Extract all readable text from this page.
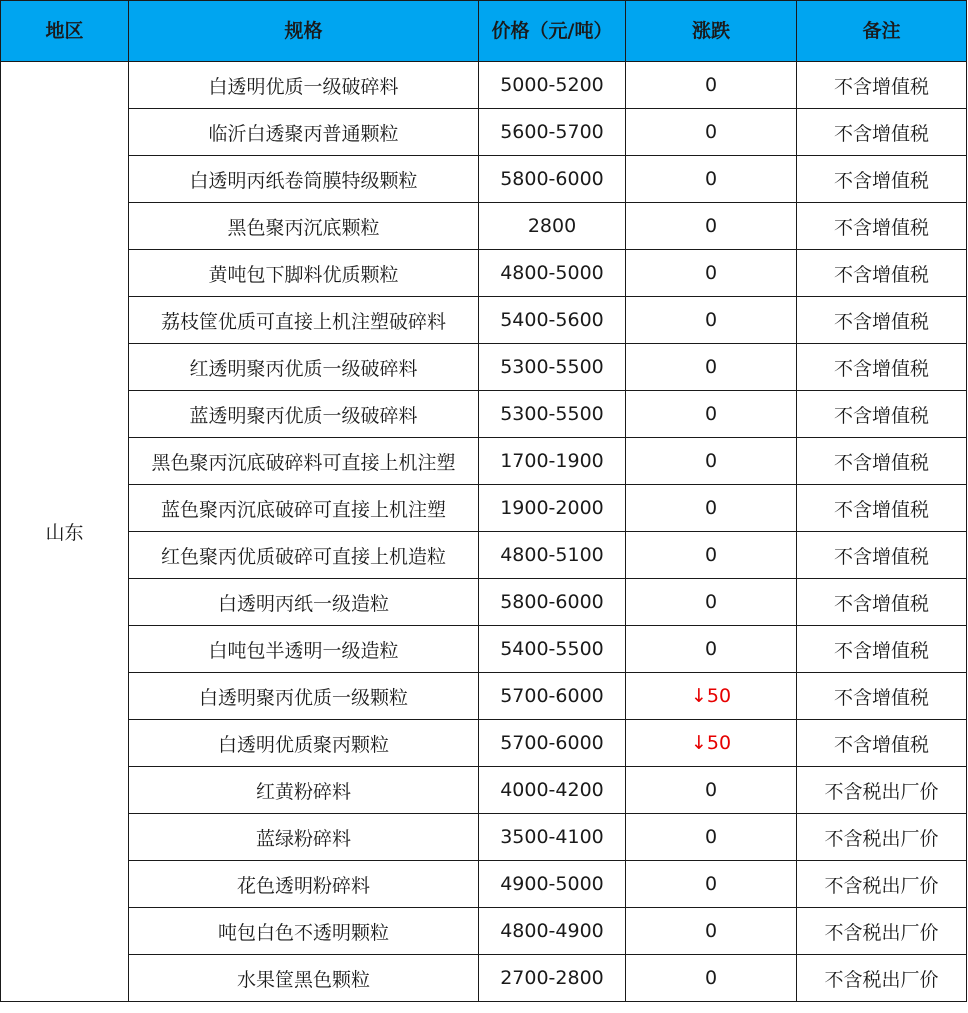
地区	规格	价格（元/吨）	涨跌	备注
山东	白透明优质一级破碎料	5000-5200	0	不含增值税
	临沂白透聚丙普通颗粒	5600-5700	0	不含增值税
	白透明丙纸卷筒膜特级颗粒	5800-6000	0	不含增值税
	黑色聚丙沉底颗粒	2800	0	不含增值税
	黄吨包下脚料优质颗粒	4800-5000	0	不含增值税
	荔枝筐优质可直接上机注塑破碎料	5400-5600	0	不含增值税
	红透明聚丙优质一级破碎料	5300-5500	0	不含增值税
	蓝透明聚丙优质一级破碎料	5300-5500	0	不含增值税
	黑色聚丙沉底破碎料可直接上机注塑	1700-1900	0	不含增值税
	蓝色聚丙沉底破碎可直接上机注塑	1900-2000	0	不含增值税
	红色聚丙优质破碎可直接上机造粒	4800-5100	0	不含增值税
	白透明丙纸一级造粒	5800-6000	0	不含增值税
	白吨包半透明一级造粒	5400-5500	0	不含增值税
	白透明聚丙优质一级颗粒	5700-6000	↓50	不含增值税
	白透明优质聚丙颗粒	5700-6000	↓50	不含增值税
	红黄粉碎料	4000-4200	0	不含税出厂价
	蓝绿粉碎料	3500-4100	0	不含税出厂价
	花色透明粉碎料	4900-5000	0	不含税出厂价
	吨包白色不透明颗粒	4800-4900	0	不含税出厂价
	水果筐黑色颗粒	2700-2800	0	不含税出厂价
